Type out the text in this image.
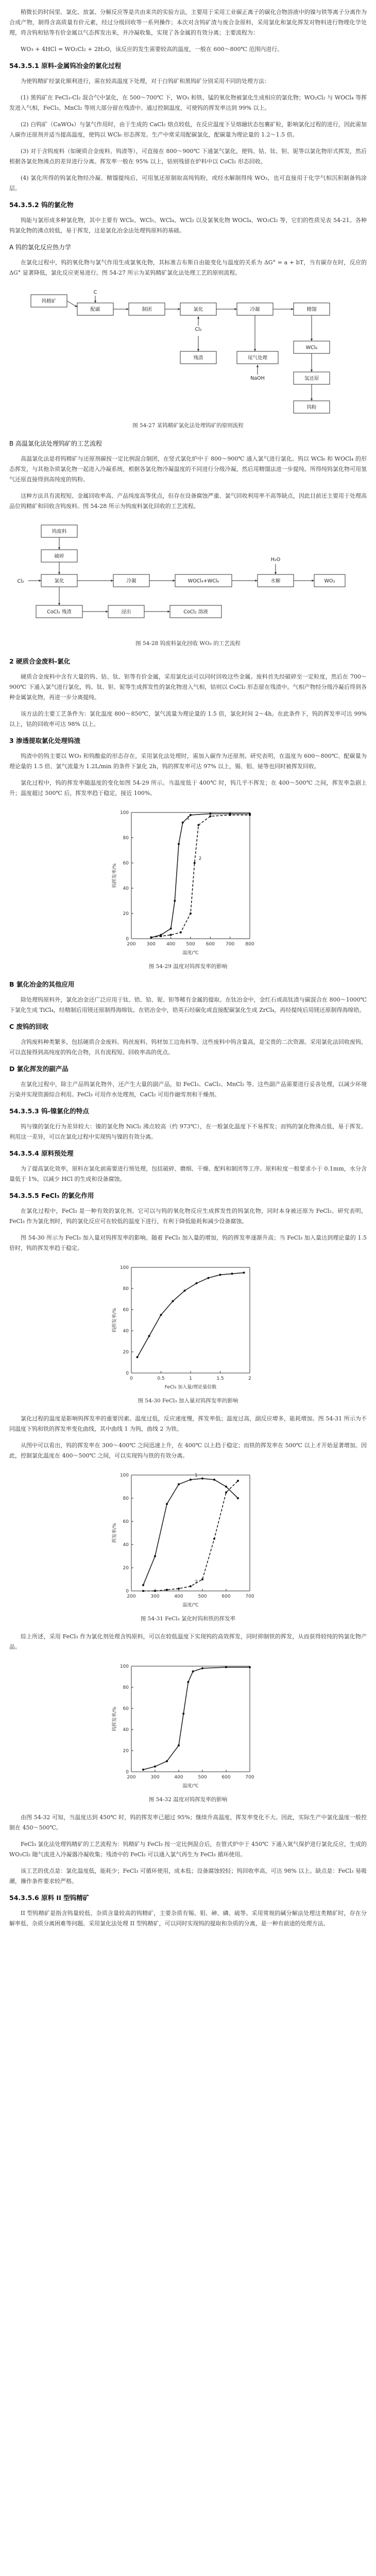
稍微长的时间里、氯化、放氯、分解反应等是共由来共的实验方法，主要用于采用工业碳正离子的碳化合物溶液中的镍与铁等离子分离作为合成产物，制得含高质量有价元素，经过分级回收等一系列操作；本次对含钨矿渣与废合金原料，采用氯化和氯化挥发对物料进行物理化学处理，将含钨和钴等有价金属以气态挥发出来，并冷凝收集，实现了各金属的有效分离；主要流程为：

WO₃ + 4HCl = WO₂Cl₂ + 2H₂O，该反应的发生需要较高的温度，一般在 600～800℃ 范围内进行。

54.3.5.1 原料-金属钨冶金的氯化过程

为使钨精矿经氯化顺利进行，需在较高温度下处理，对于白钨矿和黑钨矿分别采用不同的处理方法：

(1) 黑钨矿在 FeCl₃-Cl₂ 混合气中氯化，在 500～700℃ 下，WO₃ 和铁、锰的氧化物被氯化生成相应的氯化物；WO₂Cl₂ 与 WOCl₄ 等挥发进入气相，FeCl₃、MnCl₂ 等则大部分留在残渣中。通过控制温度，可使钨的挥发率达到 99% 以上。

(2) 白钨矿（CaWO₄）与氯气作用时，由于生成的 CaCl₂ 熔点较低，在反应温度下呈熔融状态包裹矿粒，影响氯化过程的进行，因此需加入碳作还原剂并适当提高温度，使钨以 WCl₆ 形态挥发。生产中常采用配碳氯化，配碳量为理论量的 1.2～1.5 倍。

(3) 对于含钨废料（如硬质合金废料、钨渣等），可直接在 800～900℃ 下通氯气氯化，使钨、钴、钛、钽、铌等以氯化物形式挥发，然后根据各氯化物沸点的差异进行分离。挥发率一般在 95% 以上，钴则残留在炉料中以 CoCl₂ 形态回收。

(4) 氯化所得的钨氯化物经冷凝、精馏提纯后，可用氢还原制取高纯钨粉，或经水解制得纯 WO₃，也可直接用于化学气相沉积制备钨涂层。

54.3.5.2 钨的氯化物

钨能与氯形成多种氯化物，其中主要有 WCl₆、WCl₅、WCl₄、WCl₂ 以及氯氧化物 WOCl₄、WO₂Cl₂ 等，它们的性质见表 54-21。各种钨氯化物的沸点较低，易于挥发，这是氯化冶金法处理钨原料的基础。

A 钨的氯化反应热力学

在氯化过程中，钨的氧化物与氯气作用生成氯氧化物，其标准吉布斯自由能变化与温度的关系为 ΔG° = a + bT，当有碳存在时，反应的 ΔG° 显著降低，氯化反应更易进行。图 54-27 所示为某钨精矿氯化法处理工艺的原则流程。

钨精矿
C
配碳	制团	氯化
Cl₂
冷凝	精馏
WCl₆
氢还原
钨粉
残渣	尾气处理
NaOH
图 54-27 某钨精矿氯化法处理钨矿的原则流程
B 高温氯化法处理钨矿的工艺流程

高温氯化法是将钨精矿与还原剂碳按一定比例混合制团，在竖式氯化炉中于 800～900℃ 通入氯气进行氯化。钨以 WCl₆ 和 WOCl₄ 的形态挥发，与其他杂质氯化物一起进入冷凝系统，根据各氯化物冷凝温度的不同进行分级冷凝，然后用精馏法进一步提纯。所得纯钨氯化物可用氢气还原直接得到高纯度的钨粉。

这种方法具有流程短、金属回收率高、产品纯度高等优点，但存在设备腐蚀严重、氯气回收利用率不高等缺点，因此目前还主要用于处理高品位钨精矿和回收含钨废料。图 54-28 所示为钨废料氯化回收的工艺流程。

钨废料
破碎
氯化
Cl₂	冷凝	WOCl₄+WCl₆	水解
H₂O
WO₃
CoCl₂ 残渣	浸出	CoCl₂ 溶液
图 54-28 钨废料氯化回收 WO₃ 的工艺流程
2 硬质合金废料-氯化

硬质合金废料中含有大量的钨、钴、钛、钽等有价金属，采用氯化法可以同时回收这些金属。废料首先经破碎至一定粒度，然后在 700～900℃ 下通入氯气进行氯化，钨、钛、钽、铌等生成挥发性的氯化物进入气相，钴则以 CoCl₂ 形态留在残渣中。气相产物经分级冷凝后得到各种金属氯化物，再进一步分离提纯。

该方法的主要工艺条件为：氯化温度 800～850℃，氯气流量为理论量的 1.5 倍，氯化时间 2～4h。在此条件下，钨的挥发率可达 99% 以上，钴的回收率可达 98% 以上。

3 渗透提取氯化处理钨渣

钨渣中的钨主要以 WO₃ 和钨酸盐的形态存在，采用氯化法处理时，需加入碳作为还原剂。研究表明，在温度为 600～800℃、配碳量为理论量的 1.5 倍、氯气流量为 1.2L/min 的条件下氯化 2h，钨的挥发率可达 97% 以上，锡、钼、铋等也同时被挥发回收。

氯化过程中，钨的挥发率随温度的变化如图 54-29 所示。当温度低于 400℃ 时，钨几乎不挥发；在 400～500℃ 之间，挥发率急剧上升；温度超过 500℃ 后，挥发率趋于稳定，接近 100%。

200 300 400 500 600 700 800
0
20
40
60
80
100
温度/℃
钨挥发率/%
1
2
图 54-29 温度对钨挥发率的影响
B 氯化冶金的其他应用

除处理钨原料外，氯化冶金还广泛应用于钛、锆、铪、铌、钽等稀有金属的提取。在钛冶金中，金红石或高钛渣与碳混合在 800～1000℃ 下氯化生成 TiCl₄，经精制后用镁还原制得海绵钛。在锆冶金中，锆英石经碳化或直接配碳氯化生成 ZrCl₄，再经提纯后用镁还原制得海绵锆。

C 废钨的回收

含钨废料种类繁多，包括硬质合金废料、钨丝废料、钨材加工边角料等。这些废料中钨含量高，是宝贵的二次资源。采用氯化法回收废钨，可以直接得到高纯度的钨化合物，具有流程短、回收率高的优点。

D 氯化挥发的副产品

在氯化过程中，除主产品钨氯化物外，还产生大量的副产品，如 FeCl₃、CaCl₂、MnCl₂ 等。这些副产品需要进行妥善处理，以减少环境污染并实现资源综合利用。FeCl₃ 可用作水处理剂，CaCl₂ 可用作融雪剂和干燥剂。

54.3.5.3 钨-镍氯化的特点

钨与镍的氯化行为差异较大：镍的氯化物 NiCl₂ 沸点较高（约 973℃），在一般氯化温度下不易挥发；而钨的氯化物沸点低，易于挥发。利用这一差异，可以在氯化过程中实现钨与镍的有效分离。

54.3.5.4 原料预处理

为了提高氯化效率，原料在氯化前需要进行预处理，包括破碎、磨细、干燥、配料和制团等工序。原料粒度一般要求小于 0.1mm，水分含量低于 1%，以减少 HCl 的生成和设备腐蚀。

54.3.5.5 FeCl₃ 的氯化作用

在氯化过程中，FeCl₃ 是一种有效的氯化剂。它可以与钨的氧化物反应生成挥发性的钨氯化物，同时本身被还原为 FeCl₂。研究表明，FeCl₃ 作为氯化剂时，钨的氯化反应可在较低的温度下进行，有利于降低能耗和减少设备腐蚀。

图 54-30 所示为 FeCl₃ 加入量对钨挥发率的影响。随着 FeCl₃ 加入量的增加，钨的挥发率逐渐升高；当 FeCl₃ 加入量达到理论量的 1.5 倍时，钨的挥发率趋于稳定。

0	0.5	1	1.5	2
0
20
40
60
80
100
FeCl₃ 加入量/理论量倍数
钨挥发率/%
图 54-30 FeCl₃ 加入量对钨挥发率的影响

氯化过程的温度是影响钨挥发率的重要因素。温度过低，反应速度慢，挥发率低；温度过高，副反应增多，能耗增加。图 54-31 所示为不同温度下钨和铁的挥发率变化曲线，其中曲线 1 为钨，曲线 2 为铁。

从图中可以看出，钨的挥发率在 300～400℃ 之间迅速上升，在 400℃ 以上趋于稳定；而铁的挥发率在 500℃ 以上才开始显著增加。因此，控制氯化温度在 400～500℃ 之间，可以实现钨与铁的有效分离。

200	300	400	500	600	700
0
20
40
60
80
100
温度/℃
挥发率/%
1
2
图 54-31 FeCl₃ 氯化时钨和铁的挥发率

综上所述，采用 FeCl₃ 作为氯化剂处理含钨原料，可以在较低温度下实现钨的高效挥发，同时抑制铁的挥发，从而获得较纯的钨氯化物产品。

200	300	400	500	600	700
0
20
40
60
80
100
温度/℃
钨挥发率/%
图 54-32 温度对钨挥发率的影响

由图 54-32 可知，当温度达到 450℃ 时，钨的挥发率已超过 95%；继续升高温度，挥发率变化不大。因此，实际生产中氯化温度一般控制在 450～500℃。

FeCl₃ 氯化法处理钨精矿的工艺流程为：钨精矿与 FeCl₃ 按一定比例混合后，在管式炉中于 450℃ 下通入氮气保护进行氯化反应，生成的 WO₂Cl₂ 随气流进入冷凝器冷凝收集；残渣中的 FeCl₂ 可以通入氯气再生为 FeCl₃ 循环使用。

该工艺的优点是：氯化温度低，能耗少；FeCl₃ 可循环使用，成本低；设备腐蚀较轻；钨回收率高，可达 98% 以上。缺点是：FeCl₃ 易吸潮，操作条件要求较严格。

54.3.5.6 原料 II 型钨精矿

II 型钨精矿是指含钨量较低、杂质含量较高的钨精矿，主要杂质有锡、钼、砷、磷、硫等。采用常规的碱分解法处理这类精矿时，存在分解率低、杂质分离困难等问题。采用氯化法处理 II 型钨精矿，可以同时实现钨的提取和杂质的分离，是一种有前途的处理方法。
